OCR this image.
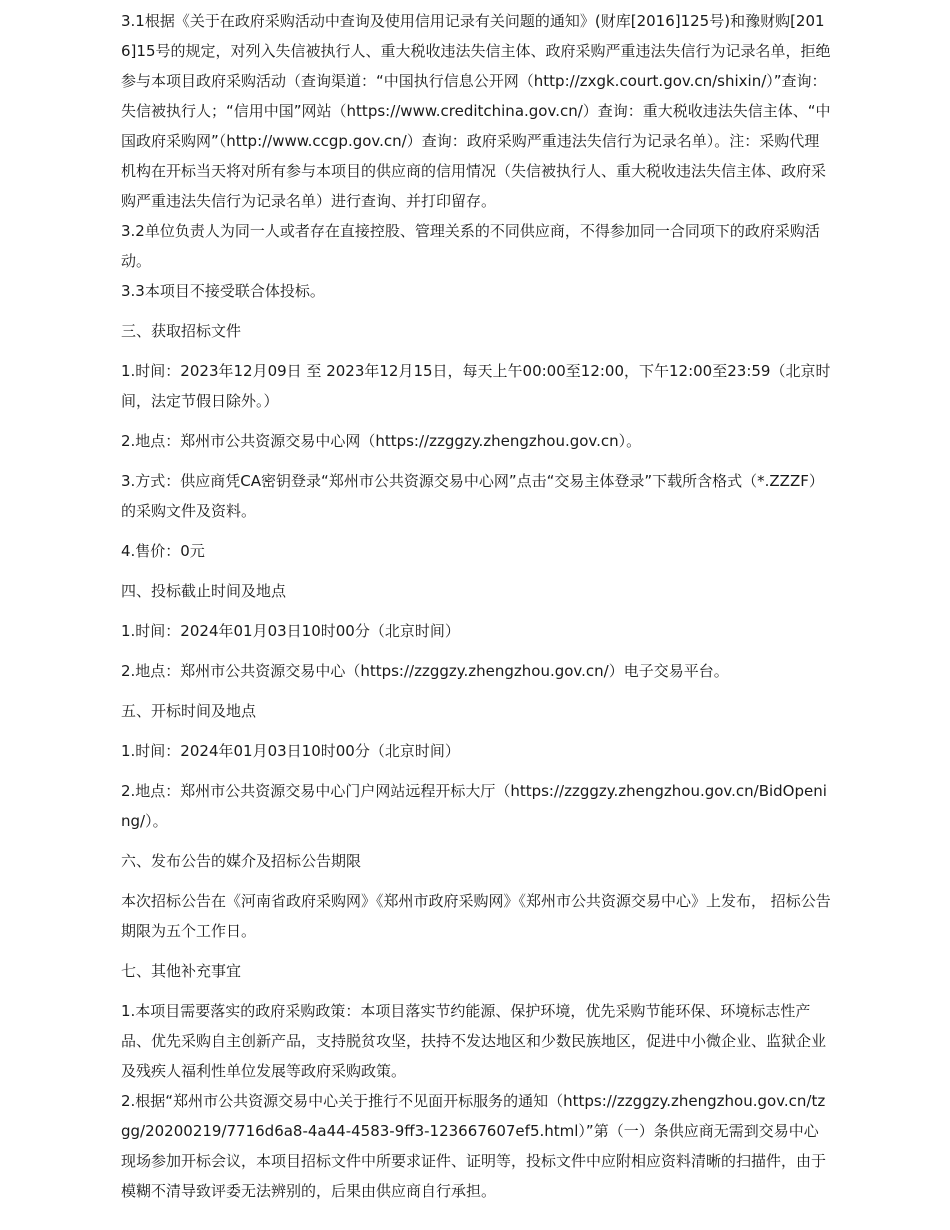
3.1根据《关于在政府采购活动中查询及使用信用记录有关问题的通知》(财库[2016]125号)和豫财购[2016]15号的规定，对列入失信被执行人、重大税收违法失信主体、政府采购严重违法失信行为记录名单，拒绝参与本项目政府采购活动（查询渠道：“中国执行信息公开网（http://zxgk.court.gov.cn/shixin/）”查询：失信被执行人；“信用中国”网站（https://www.creditchina.gov.cn/）查询：重大税收违法失信主体、“中国政府采购网”（http://www.ccgp.gov.cn/）查询：政府采购严重违法失信行为记录名单）。注：采购代理机构在开标当天将对所有参与本项目的供应商的信用情况（失信被执行人、重大税收违法失信主体、政府采购严重违法失信行为记录名单）进行查询、并打印留存。

3.2单位负责人为同一人或者存在直接控股、管理关系的不同供应商，不得参加同一合同项下的政府采购活动。

3.3本项目不接受联合体投标。

三、获取招标文件

1.时间：2023年12月09日 至 2023年12月15日，每天上午00:00至12:00，下午12:00至23:59（北京时间，法定节假日除外。）

2.地点：郑州市公共资源交易中心网（https://zzggzy.zhengzhou.gov.cn）。

3.方式：供应商凭CA密钥登录“郑州市公共资源交易中心网”点击“交易主体登录”下载所含格式（*.ZZZF）的采购文件及资料。

4.售价：0元

四、投标截止时间及地点

1.时间：2024年01月03日10时00分（北京时间）

2.地点：郑州市公共资源交易中心（https://zzggzy.zhengzhou.gov.cn/）电子交易平台。

五、开标时间及地点

1.时间：2024年01月03日10时00分（北京时间）

2.地点：郑州市公共资源交易中心门户网站远程开标大厅（https://zzggzy.zhengzhou.gov.cn/BidOpening/）。

六、发布公告的媒介及招标公告期限

本次招标公告在《河南省政府采购网》《郑州市政府采购网》《郑州市公共资源交易中心》上发布， 招标公告期限为五个工作日。

七、其他补充事宜

1.本项目需要落实的政府采购政策：本项目落实节约能源、保护环境，优先采购节能环保、环境标志性产品、优先采购自主创新产品，支持脱贫攻坚，扶持不发达地区和少数民族地区，促进中小微企业、监狱企业及残疾人福利性单位发展等政府采购政策。

2.根据“郑州市公共资源交易中心关于推行不见面开标服务的通知（https://zzggzy.zhengzhou.gov.cn/tzgg/20200219/7716d6a8-4a44-4583-9ff3-123667607ef5.html）”第（一）条供应商无需到交易中心现场参加开标会议，本项目招标文件中所要求证件、证明等，投标文件中应附相应资料清晰的扫描件，由于模糊不清导致评委无法辨别的，后果由供应商自行承担。
